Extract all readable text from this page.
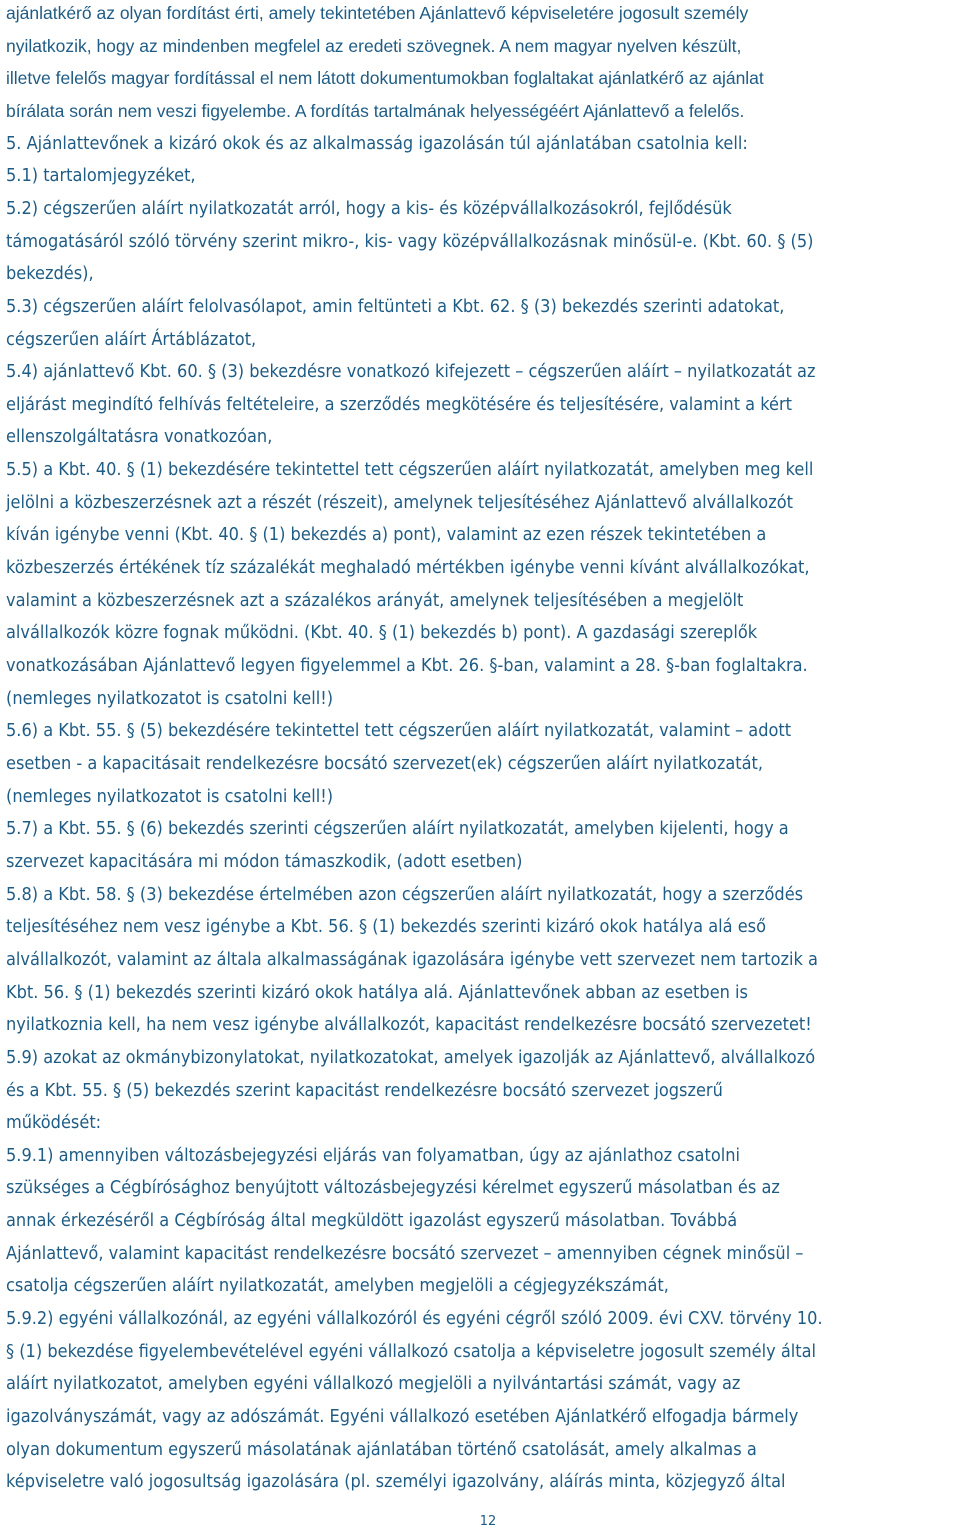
ajánlatkérő az olyan fordítást érti, amely tekintetében Ajánlattevő képviseletére jogosult személy
nyilatkozik, hogy az mindenben megfelel az eredeti szövegnek. A nem magyar nyelven készült,
illetve felelős magyar fordítással el nem látott dokumentumokban foglaltakat ajánlatkérő az ajánlat
bírálata során nem veszi figyelembe. A fordítás tartalmának helyességéért Ajánlattevő a felelős.
5. Ajánlattevőnek a kizáró okok és az alkalmasság igazolásán túl ajánlatában csatolnia kell:
5.1) tartalomjegyzéket,
5.2) cégszerűen aláírt nyilatkozatát arról, hogy a kis- és középvállalkozásokról, fejlődésük
támogatásáról szóló törvény szerint mikro-, kis- vagy középvállalkozásnak minősül-e. (Kbt. 60. § (5)
bekezdés),
5.3) cégszerűen aláírt felolvasólapot, amin feltünteti a Kbt. 62. § (3) bekezdés szerinti adatokat,
cégszerűen aláírt Ártáblázatot,
5.4) ajánlattevő Kbt. 60. § (3) bekezdésre vonatkozó kifejezett – cégszerűen aláírt – nyilatkozatát az
eljárást megindító felhívás feltételeire, a szerződés megkötésére és teljesítésére, valamint a kért
ellenszolgáltatásra vonatkozóan,
5.5) a Kbt. 40. § (1) bekezdésére tekintettel tett cégszerűen aláírt nyilatkozatát, amelyben meg kell
jelölni a közbeszerzésnek azt a részét (részeit), amelynek teljesítéséhez Ajánlattevő alvállalkozót
kíván igénybe venni (Kbt. 40. § (1) bekezdés a) pont), valamint az ezen részek tekintetében a
közbeszerzés értékének tíz százalékát meghaladó mértékben igénybe venni kívánt alvállalkozókat,
valamint a közbeszerzésnek azt a százalékos arányát, amelynek teljesítésében a megjelölt
alvállalkozók közre fognak működni. (Kbt. 40. § (1) bekezdés b) pont). A gazdasági szereplők
vonatkozásában Ajánlattevő legyen figyelemmel a Kbt. 26. §-ban, valamint a 28. §-ban foglaltakra.
(nemleges nyilatkozatot is csatolni kell!)
5.6) a Kbt. 55. § (5) bekezdésére tekintettel tett cégszerűen aláírt nyilatkozatát, valamint – adott
esetben - a kapacitásait rendelkezésre bocsátó szervezet(ek) cégszerűen aláírt nyilatkozatát,
(nemleges nyilatkozatot is csatolni kell!)
5.7) a Kbt. 55. § (6) bekezdés szerinti cégszerűen aláírt nyilatkozatát, amelyben kijelenti, hogy a
szervezet kapacitására mi módon támaszkodik, (adott esetben)
5.8) a Kbt. 58. § (3) bekezdése értelmében azon cégszerűen aláírt nyilatkozatát, hogy a szerződés
teljesítéséhez nem vesz igénybe a Kbt. 56. § (1) bekezdés szerinti kizáró okok hatálya alá eső
alvállalkozót, valamint az általa alkalmasságának igazolására igénybe vett szervezet nem tartozik a
Kbt. 56. § (1) bekezdés szerinti kizáró okok hatálya alá. Ajánlattevőnek abban az esetben is
nyilatkoznia kell, ha nem vesz igénybe alvállalkozót, kapacitást rendelkezésre bocsátó szervezetet!
5.9) azokat az okmánybizonylatokat, nyilatkozatokat, amelyek igazolják az Ajánlattevő, alvállalkozó
és a Kbt. 55. § (5) bekezdés szerint kapacitást rendelkezésre bocsátó szervezet jogszerű
működését:
5.9.1) amennyiben változásbejegyzési eljárás van folyamatban, úgy az ajánlathoz csatolni
szükséges a Cégbírósághoz benyújtott változásbejegyzési kérelmet egyszerű másolatban és az
annak érkezéséről a Cégbíróság által megküldött igazolást egyszerű másolatban. Továbbá
Ajánlattevő, valamint kapacitást rendelkezésre bocsátó szervezet – amennyiben cégnek minősül –
csatolja cégszerűen aláírt nyilatkozatát, amelyben megjelöli a cégjegyzékszámát,
5.9.2) egyéni vállalkozónál, az egyéni vállalkozóról és egyéni cégről szóló 2009. évi CXV. törvény 10.
§ (1) bekezdése figyelembevételével egyéni vállalkozó csatolja a képviseletre jogosult személy által
aláírt nyilatkozatot, amelyben egyéni vállalkozó megjelöli a nyilvántartási számát, vagy az
igazolványszámát, vagy az adószámát. Egyéni vállalkozó esetében Ajánlatkérő elfogadja bármely
olyan dokumentum egyszerű másolatának ajánlatában történő csatolását, amely alkalmas a
képviseletre való jogosultság igazolására (pl. személyi igazolvány, aláírás minta, közjegyző által
12
